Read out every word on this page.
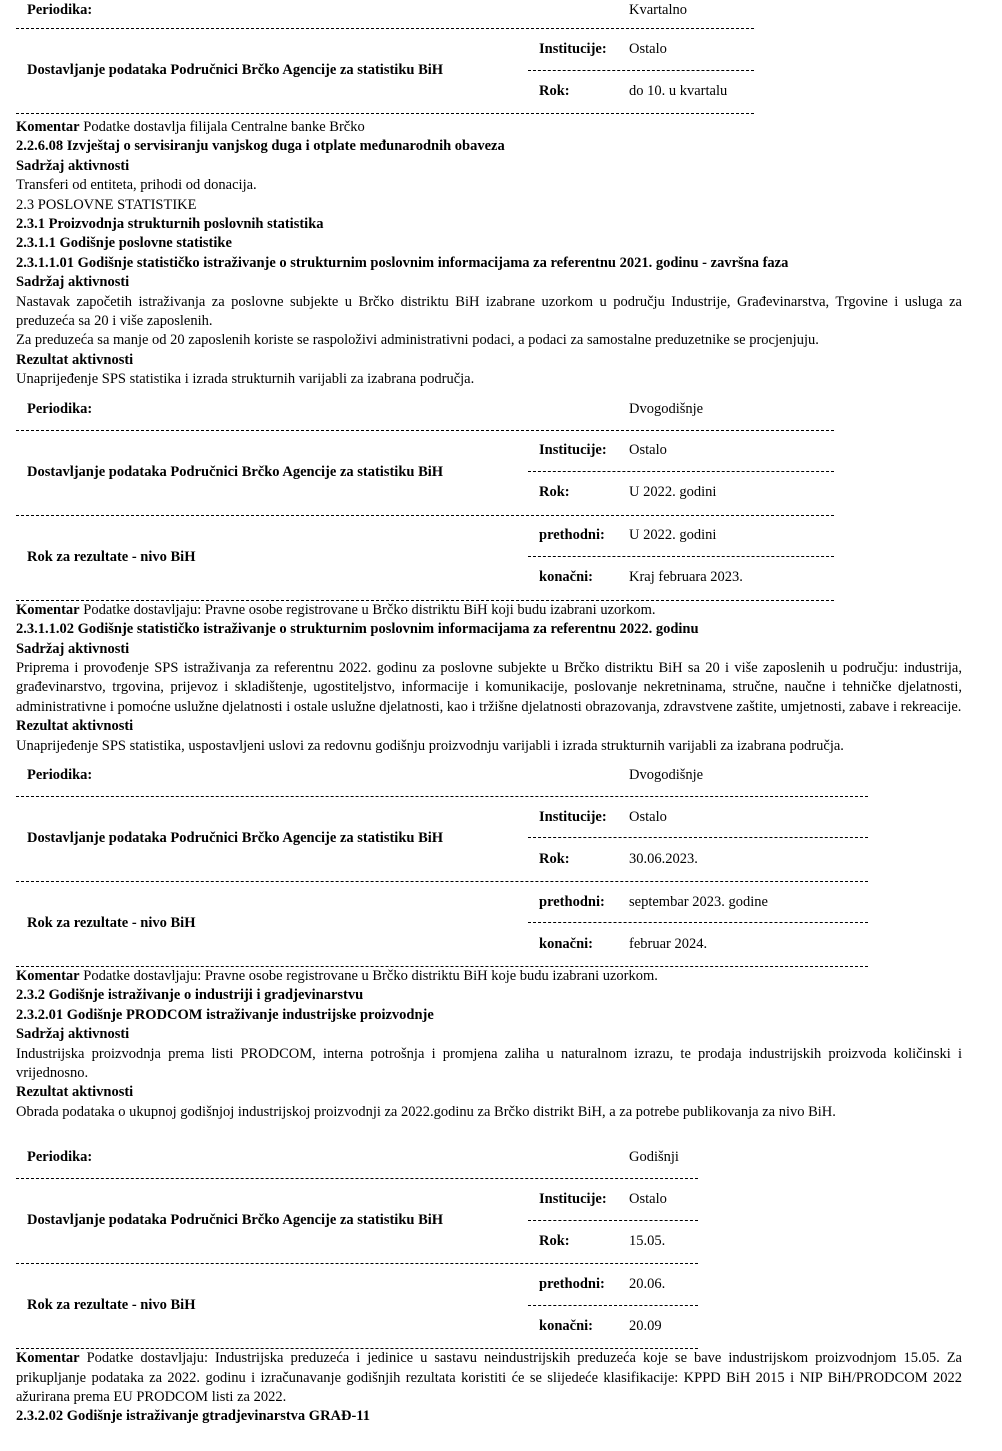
Periodika:	Kvartalno
Dostavljanje podataka Područnici Brčko Agencije za statistiku BiH
Institucije:	Ostalo
Rok:	do 10. u kvartalu

Komentar Podatke dostavlja filijala Centralne banke Brčko

2.2.6.08 Izvještaj o servisiranju vanjskog duga i otplate međunarodnih obaveza

Sadržaj aktivnosti

Transferi od entiteta, prihodi od donacija.

2.3 POSLOVNE STATISTIKE

2.3.1 Proizvodnja strukturnih poslovnih statistika

2.3.1.1 Godišnje poslovne statistike

2.3.1.1.01 Godišnje statističko istraživanje o strukturnim poslovnim informacijama za referentnu 2021. godinu - završna faza

Sadržaj aktivnosti

Nastavak započetih istraživanja za poslovne subjekte u Brčko distriktu BiH izabrane uzorkom u području Industrije, Građevinarstva, Trgovine i usluga za preduzeća sa 20 i više zaposlenih.

Za preduzeća sa manje od 20 zaposlenih koriste se raspoloživi administrativni podaci, a podaci za samostalne preduzetnike se procjenjuju.

Rezultat aktivnosti

Unaprijeđenje SPS statistika i izrada strukturnih varijabli za izabrana područja.

Periodika:	Dvogodišnje
Dostavljanje podataka Područnici Brčko Agencije za statistiku BiH
Institucije:	Ostalo
Rok:	U 2022. godini
Rok za rezultate - nivo BiH
prethodni:	U 2022. godini
konačni:	Kraj februara 2023.

Komentar Podatke dostavljaju: Pravne osobe registrovane u Brčko distriktu BiH koji budu izabrani uzorkom.

2.3.1.1.02 Godišnje statističko istraživanje o strukturnim poslovnim informacijama za referentnu 2022. godinu

Sadržaj aktivnosti

Priprema i provođenje SPS istraživanja za referentnu 2022. godinu za poslovne subjekte u Brčko distriktu BiH sa 20 i više zaposlenih u području: industrija, građevinarstvo, trgovina, prijevoz i skladištenje, ugostiteljstvo, informacije i komunikacije, poslovanje nekretninama, stručne, naučne i tehničke djelatnosti, administrativne i pomoćne uslužne djelatnosti i ostale uslužne djelatnosti, kao i tržišne djelatnosti obrazovanja, zdravstvene zaštite, umjetnosti, zabave i rekreacije.

Rezultat aktivnosti

Unaprijeđenje SPS statistika, uspostavljeni uslovi za redovnu godišnju proizvodnju varijabli i izrada strukturnih varijabli za izabrana područja.

Periodika:	Dvogodišnje
Dostavljanje podataka Područnici Brčko Agencije za statistiku BiH
Institucije:	Ostalo
Rok:	30.06.2023.
Rok za rezultate - nivo BiH
prethodni:	septembar 2023. godine
konačni:	februar 2024.

Komentar Podatke dostavljaju: Pravne osobe registrovane u Brčko distriktu BiH koje budu izabrani uzorkom.

2.3.2 Godišnje istraživanje o industriji i gradjevinarstvu

2.3.2.01 Godišnje PRODCOM istraživanje industrijske proizvodnje

Sadržaj aktivnosti

Industrijska proizvodnja prema listi PRODCOM, interna potrošnja i promjena zaliha u naturalnom izrazu, te prodaja industrijskih proizvoda količinski i vrijednosno.

Rezultat aktivnosti

Obrada podataka o ukupnoj godišnjoj industrijskoj proizvodnji za 2022.godinu za Brčko distrikt BiH, a za potrebe publikovanja za nivo BiH.

Periodika:	Godišnji
Dostavljanje podataka Područnici Brčko Agencije za statistiku BiH
Institucije:	Ostalo
Rok:	15.05.
Rok za rezultate - nivo BiH
prethodni:	20.06.
konačni:	20.09

Komentar Podatke dostavljaju: Industrijska preduzeća i jedinice u sastavu neindustrijskih preduzeća koje se bave industrijskom proizvodnjom 15.05. Za prikupljanje podataka za 2022. godinu i izračunavanje godišnjih rezultata koristiti će se slijedeće klasifikacije: KPPD BiH 2015 i NIP BiH/PRODCOM 2022 ažurirana prema EU PRODCOM listi za 2022.

2.3.2.02 Godišnje istraživanje gtradjevinarstva GRAĐ-11
